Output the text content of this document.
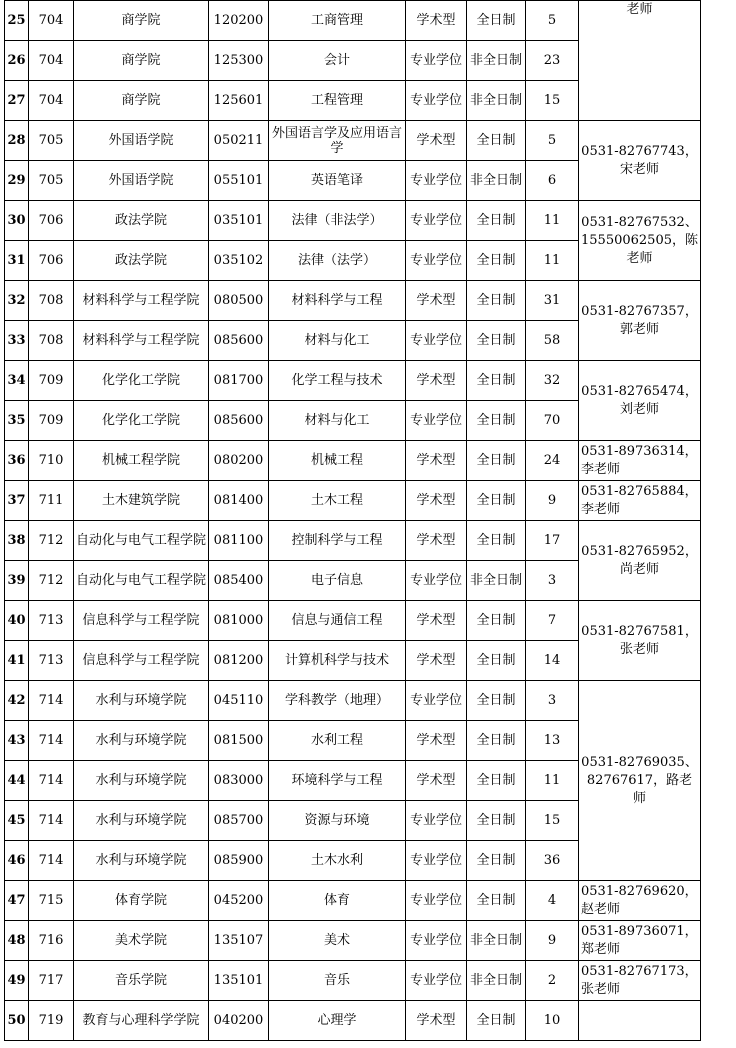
25	704	商学院	120200	工商管理	学术型	全日制	5	老师
26	704	商学院	125300	会计	专业学位	非全日制	23	
27	704	商学院	125601	工程管理	专业学位	非全日制	15	
28	705	外国语学院	050211	外国语言学及应用语言学	学术型	全日制	5	0531-82767743，宋老师
29	705	外国语学院	055101	英语笔译	专业学位	非全日制	6	
30	706	政法学院	035101	法律（非法学）	专业学位	全日制	11	0531-82767532、15550062505，陈老师
31	706	政法学院	035102	法律（法学）	专业学位	全日制	11	
32	708	材料科学与工程学院	080500	材料科学与工程	学术型	全日制	31	0531-82767357，郭老师
33	708	材料科学与工程学院	085600	材料与化工	专业学位	全日制	58	
34	709	化学化工学院	081700	化学工程与技术	学术型	全日制	32	0531-82765474，刘老师
35	709	化学化工学院	085600	材料与化工	专业学位	全日制	70	
36	710	机械工程学院	080200	机械工程	学术型	全日制	24	0531-89736314，李老师
37	711	土木建筑学院	081400	土木工程	学术型	全日制	9	0531-82765884，李老师
38	712	自动化与电气工程学院	081100	控制科学与工程	学术型	全日制	17	0531-82765952，尚老师
39	712	自动化与电气工程学院	085400	电子信息	专业学位	非全日制	3	
40	713	信息科学与工程学院	081000	信息与通信工程	学术型	全日制	7	0531-82767581，张老师
41	713	信息科学与工程学院	081200	计算机科学与技术	学术型	全日制	14	
42	714	水利与环境学院	045110	学科教学（地理）	专业学位	全日制	3	0531-82769035、82767617，路老师
43	714	水利与环境学院	081500	水利工程	学术型	全日制	13	
44	714	水利与环境学院	083000	环境科学与工程	学术型	全日制	11	
45	714	水利与环境学院	085700	资源与环境	专业学位	全日制	15	
46	714	水利与环境学院	085900	土木水利	专业学位	全日制	36	
47	715	体育学院	045200	体育	专业学位	全日制	4	0531-82769620，赵老师
48	716	美术学院	135107	美术	专业学位	非全日制	9	0531-89736071，郑老师
49	717	音乐学院	135101	音乐	专业学位	非全日制	2	0531-82767173，张老师
50	719	教育与心理科学学院	040200	心理学	学术型	全日制	10	
